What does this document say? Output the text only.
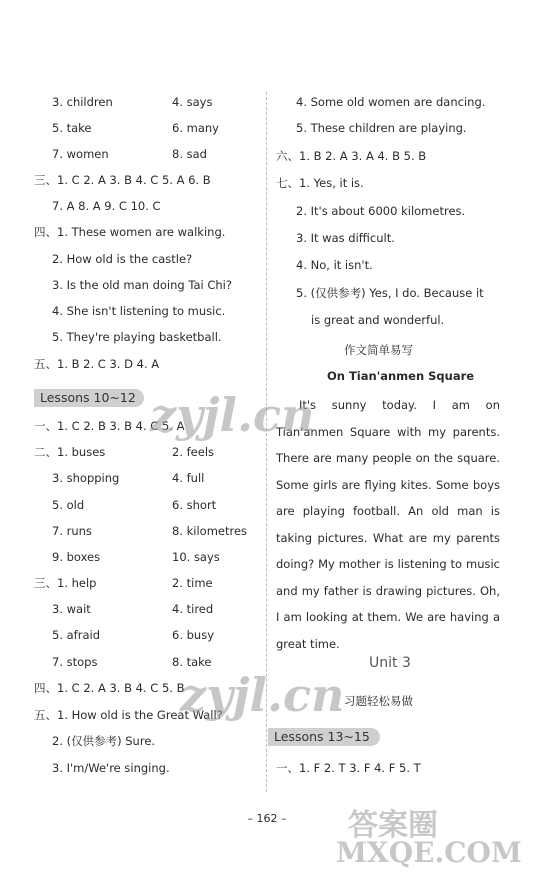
3. children	4. says
5. take	6. many
7. women	8. sad
三、1. C 2. A 3. B 4. C 5. A 6. B
7. A 8. A 9. C 10. C
四、1. These women are walking.
2. How old is the castle?
3. Is the old man doing Tai Chi?
4. She isn't listening to music.
5. They're playing basketball.
五、1. B 2. C 3. D 4. A
Lessons 10~12
一、1. C 2. B 3. B 4. C 5. A
二、1. buses	2. feels
3. shopping	4. full
5. old	6. short
7. runs	8. kilometres
9. boxes	10. says
三、1. help	2. time
3. wait	4. tired
5. afraid	6. busy
7. stops	8. take
四、1. C 2. A 3. B 4. C 5. B
五、1. How old is the Great Wall?
2. (仅供参考) Sure.
3. I'm/We're singing.
4. Some old women are dancing.
5. These children are playing.
六、1. B 2. A 3. A 4. B 5. B
七、1. Yes, it is.
2. It's about 6000 kilometres.
3. It was difficult.
4. No, it isn't.
5. (仅供参考) Yes, I do. Because it
is great and wonderful.
作文简单易写
On Tian'anmen Square
It's sunny today. I am on Tian'anmen Square with my parents. There are many people on the square. Some girls are flying kites. Some boys are playing football. An old man is taking pictures. What are my parents doing? My mother is listening to music and my father is drawing pictures. Oh, I am looking at them. We are having a great time.
Unit 3
习题轻松易做
Lessons 13~15
一、1. F 2. T 3. F 4. F 5. T
– 162 –
zyjl.cn
zyjl.cn
答案圈
MXQE.COM
